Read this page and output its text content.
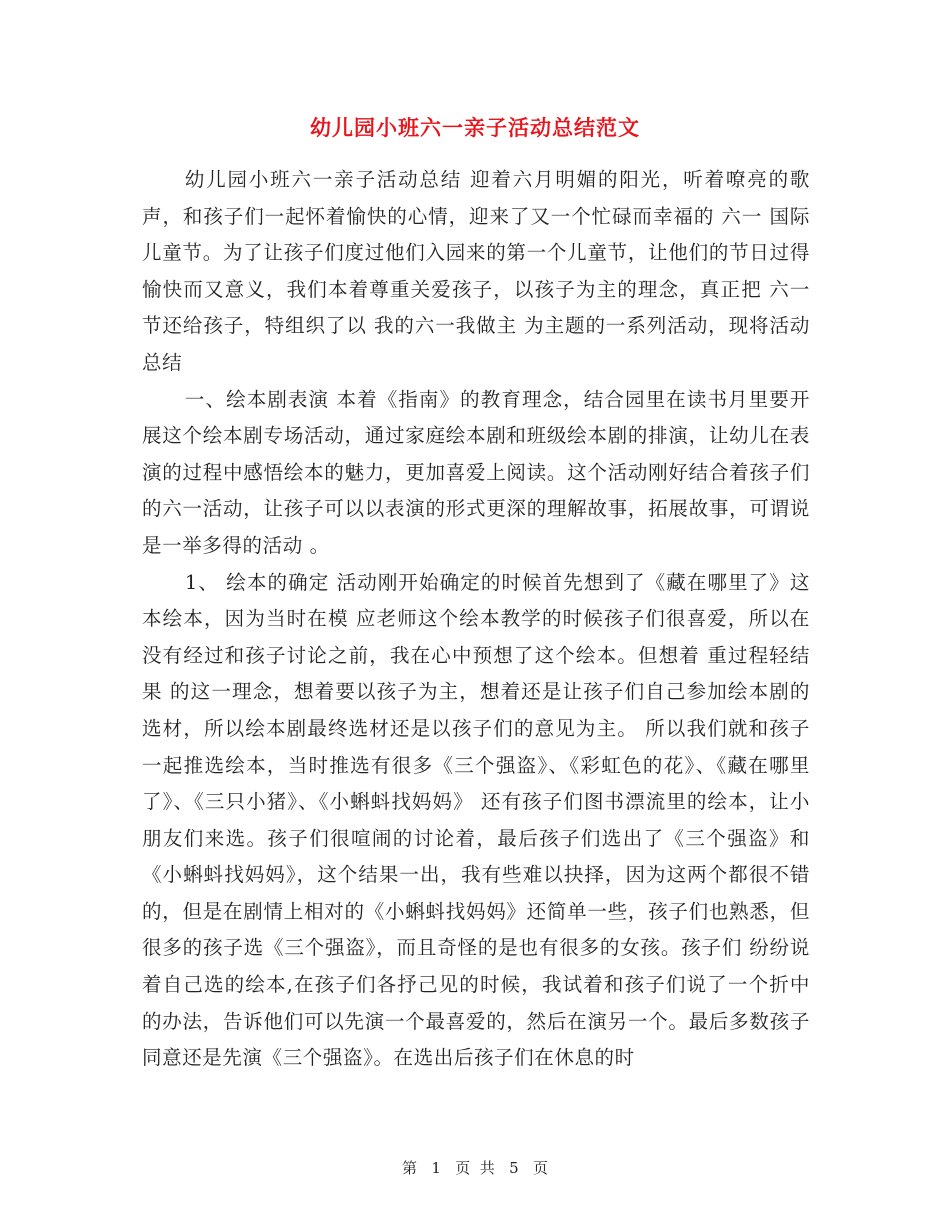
幼儿园小班六一亲子活动总结范文

幼儿园小班六一亲子活动总结 迎着六月明媚的阳光，听着嘹亮的歌声，和孩子们一起怀着愉快的心情，迎来了又一个忙碌而幸福的 六一 国际儿童节。为了让孩子们度过他们入园来的第一个儿童节，让他们的节日过得愉快而又意义，我们本着尊重关爱孩子，以孩子为主的理念，真正把 六一 节还给孩子，特组织了以 我的六一我做主 为主题的一系列活动，现将活动总结

一、绘本剧表演 本着《指南》的教育理念，结合园里在读书月里要开展这个绘本剧专场活动，通过家庭绘本剧和班级绘本剧的排演，让幼儿在表演的过程中感悟绘本的魅力，更加喜爱上阅读。这个活动刚好结合着孩子们的六一活动，让孩子可以以表演的形式更深的理解故事，拓展故事，可谓说是一举多得的活动 。

1、 绘本的确定 活动刚开始确定的时候首先想到了《藏在哪里了》这本绘本，因为当时在模 应老师这个绘本教学的时候孩子们很喜爱，所以在没有经过和孩子讨论之前，我在心中预想了这个绘本。但想着 重过程轻结果 的这一理念，想着要以孩子为主，想着还是让孩子们自己参加绘本剧的选材，所以绘本剧最终选材还是以孩子们的意见为主。 所以我们就和孩子一起推选绘本，当时推选有很多《三个强盗》、《彩虹色的花》、《藏在哪里了》、《三只小猪》、《小蝌蚪找妈妈》 还有孩子们图书漂流里的绘本，让小朋友们来选。孩子们很喧闹的讨论着，最后孩子们选出了《三个强盗》和《小蝌蚪找妈妈》，这个结果一出，我有些难以抉择，因为这两个都很不错的，但是在剧情上相对的《小蝌蚪找妈妈》还简单一些，孩子们也熟悉，但很多的孩子选《三个强盗》，而且奇怪的是也有很多的女孩。孩子们 纷纷说着自己选的绘本,在孩子们各抒己见的时候，我试着和孩子们说了一个折中的办法，告诉他们可以先演一个最喜爱的，然后在演另一个。最后多数孩子同意还是先演《三个强盗》。在选出后孩子们在休息的时

第 1 页  共 5 页
